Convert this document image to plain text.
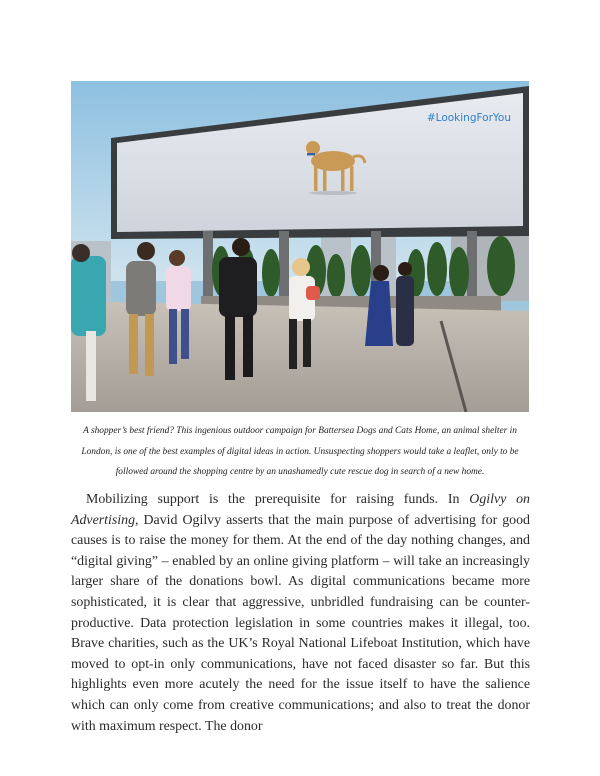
#LookingForYou

A shopper’s best friend? This ingenious outdoor campaign for Battersea Dogs and Cats Home, an animal shelter in London, is one of the best examples of digital ideas in action. Unsuspecting shoppers would take a leaflet, only to be followed around the shopping centre by an unashamedly cute rescue dog in search of a new home.

Mobilizing support is the prerequisite for raising funds. In Ogilvy on Advertising, David Ogilvy asserts that the main purpose of advertising for good causes is to raise the money for them. At the end of the day nothing changes, and “digital giving” – enabled by an online giving platform – will take an increasingly larger share of the donations bowl. As digital communications became more sophisticated, it is clear that aggressive, unbridled fundraising can be counter-productive. Data protection legislation in some countries makes it illegal, too. Brave charities, such as the UK’s Royal National Lifeboat Institution, which have moved to opt-in only communications, have not faced disaster so far. But this highlights even more acutely the need for the issue itself to have the salience which can only come from creative communications; and also to treat the donor with maximum respect. The donor
